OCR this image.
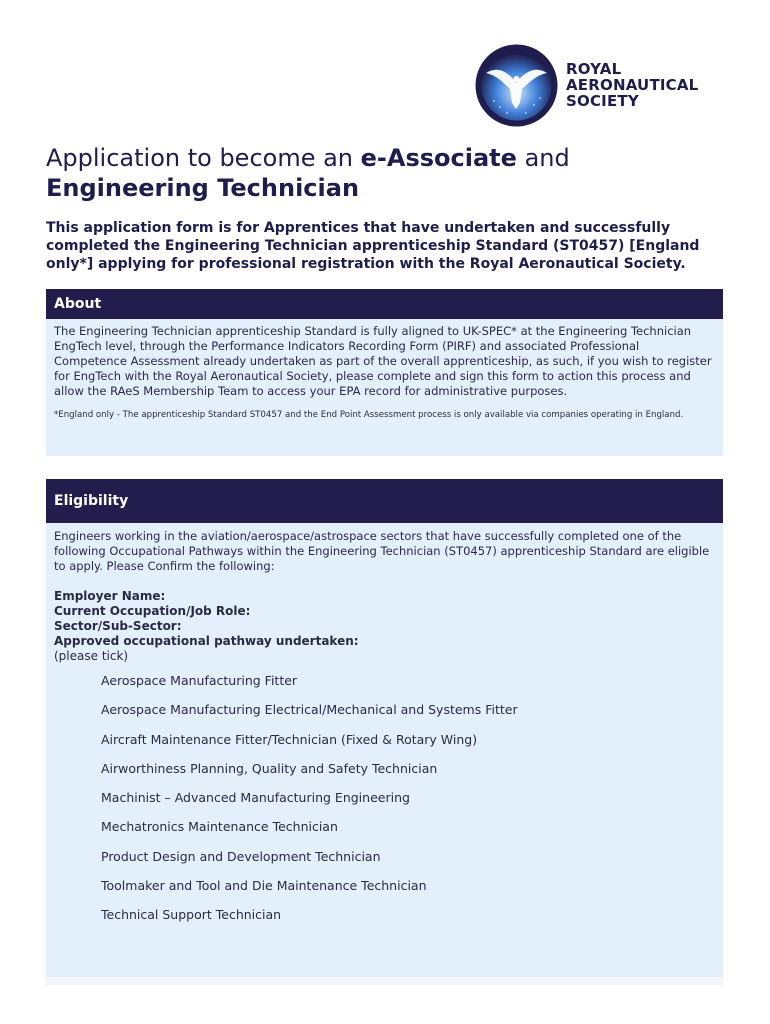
ROYAL
AERONAUTICAL
SOCIETY
Application to become an e-Associate and
Engineering Technician

This application form is for Apprentices that have undertaken and successfully completed the Engineering Technician apprenticeship Standard (ST0457) [England only*] applying for professional registration with the Royal Aeronautical Society.

About

The Engineering Technician apprenticeship Standard is fully aligned to UK-SPEC* at the Engineering Technician EngTech level, through the Performance Indicators Recording Form (PIRF) and associated Professional Competence Assessment already undertaken as part of the overall apprenticeship, as such, if you wish to register for EngTech with the Royal Aeronautical Society, please complete and sign this form to action this process and allow the RAeS Membership Team to access your EPA record for administrative purposes.

*England only - The apprenticeship Standard ST0457 and the End Point Assessment process is only available via companies operating in England.

Eligibility

Engineers working in the aviation/aerospace/astrospace sectors that have successfully completed one of the following Occupational Pathways within the Engineering Technician (ST0457) apprenticeship Standard are eligible to apply. Please Confirm the following:

Employer Name:

Current Occupation/Job Role:

Sector/Sub-Sector:

Approved occupational pathway undertaken:

(please tick)

Aerospace Manufacturing Fitter
Aerospace Manufacturing Electrical/Mechanical and Systems Fitter
Aircraft Maintenance Fitter/Technician (Fixed & Rotary Wing)
Airworthiness Planning, Quality and Safety Technician
Machinist – Advanced Manufacturing Engineering
Mechatronics Maintenance Technician
Product Design and Development Technician
Toolmaker and Tool and Die Maintenance Technician
Technical Support Technician
